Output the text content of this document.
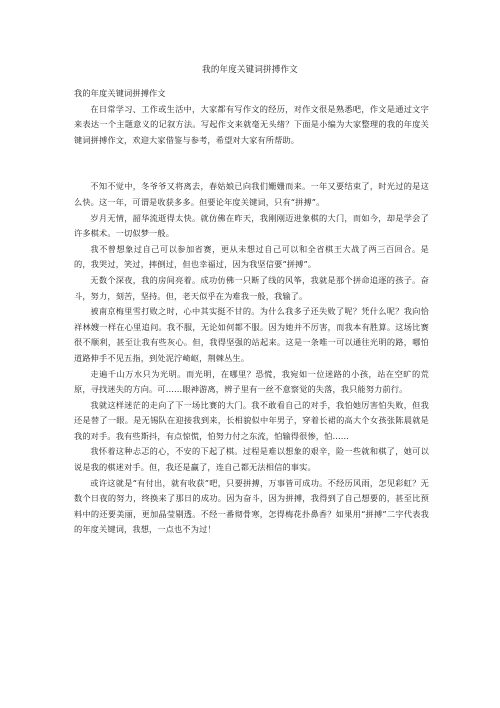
我的年度关键词拼搏作文

我的年度关键词拼搏作文

在日常学习、工作或生活中，大家都有写作文的经历，对作文很是熟悉吧，作文是通过文字来表达一个主题意义的记叙方法。写起作文来就毫无头绪？下面是小编为大家整理的我的年度关键词拼搏作文，欢迎大家借鉴与参考，希望对大家有所帮助。

不知不觉中，冬爷爷又将离去，春姑娘已向我们姗姗而来。一年又要结束了，时光过的是这么快。这一年，可谓是收获多多。但要论年度关键词，只有“拼搏”。

岁月无情，韶华流逝得太快。就仿佛在昨天，我刚刚迈进象棋的大门，而如今，却是学会了许多棋术。一切似梦一般。

我不曾想象过自己可以参加省赛，更从未想过自己可以和全省棋王大战了两三百回合。是的，我哭过，笑过，摔倒过，但也幸福过，因为我坚信要“拼搏”。

无数个深夜，我的房间亮着。成功仿佛一只断了线的风筝，我就是那个拼命追逐的孩子。奋斗，努力，刻苦，坚持。但，老天似乎在为难我一般，我输了。

被南京梅里雪打败之时，心中其实挺不甘的。为什么我多子还失败了呢？凭什么呢？我向恰祥林嫂一样在心里追问。我不服，无论如何都不服。因为她并不厉害，而我本有胜算。这场比赛很不顺利，甚至让我有些灰心。但，我得坚强的站起来。这是一条唯一可以通往光明的路，哪怕道路伸手不见五指，到处泥泞崎岖，荆棘丛生。

走遍千山万水只为光明。而光明，在哪里？恐慌，我宛如一位迷路的小孩，站在空旷的荒原，寻找迷失的方向。可……眼神游离，辨子里有一丝不意察觉的失落，我只能努力前行。

我就这样迷茫的走向了下一场比赛的大门。我不敢看自己的对手，我怕她厉害怕失败，但我还是替了一眼。是无锡队在迎接我到来，长相貌似中年男子，穿着长裙的高大个女孩张陈晨就是我的对手。我有些斯抖，有点惊慌，怕努力付之东流，怕输得很惨，怕……

我怀着这种忐忑的心，不安的下起了棋。过程是难以想象的艰辛，险一些就和棋了，她可以说是我的棋迷对手。但，我还是赢了，连自己都无法相信的事实。

或许这就是“有付出，就有收获”吧，只要拼搏，万事皆可成功。不经历风雨，怎见彩虹？无数个日夜的努力，终换来了那日的成功。因为奋斗，因为拼搏，我得到了自己想要的，甚至比预料中的还要美丽，更加晶莹剔透。不经一番彻骨寒，怎得梅花扑鼻香？如果用“拼搏”二字代表我的年度关键词，我想，一点也不为过！
